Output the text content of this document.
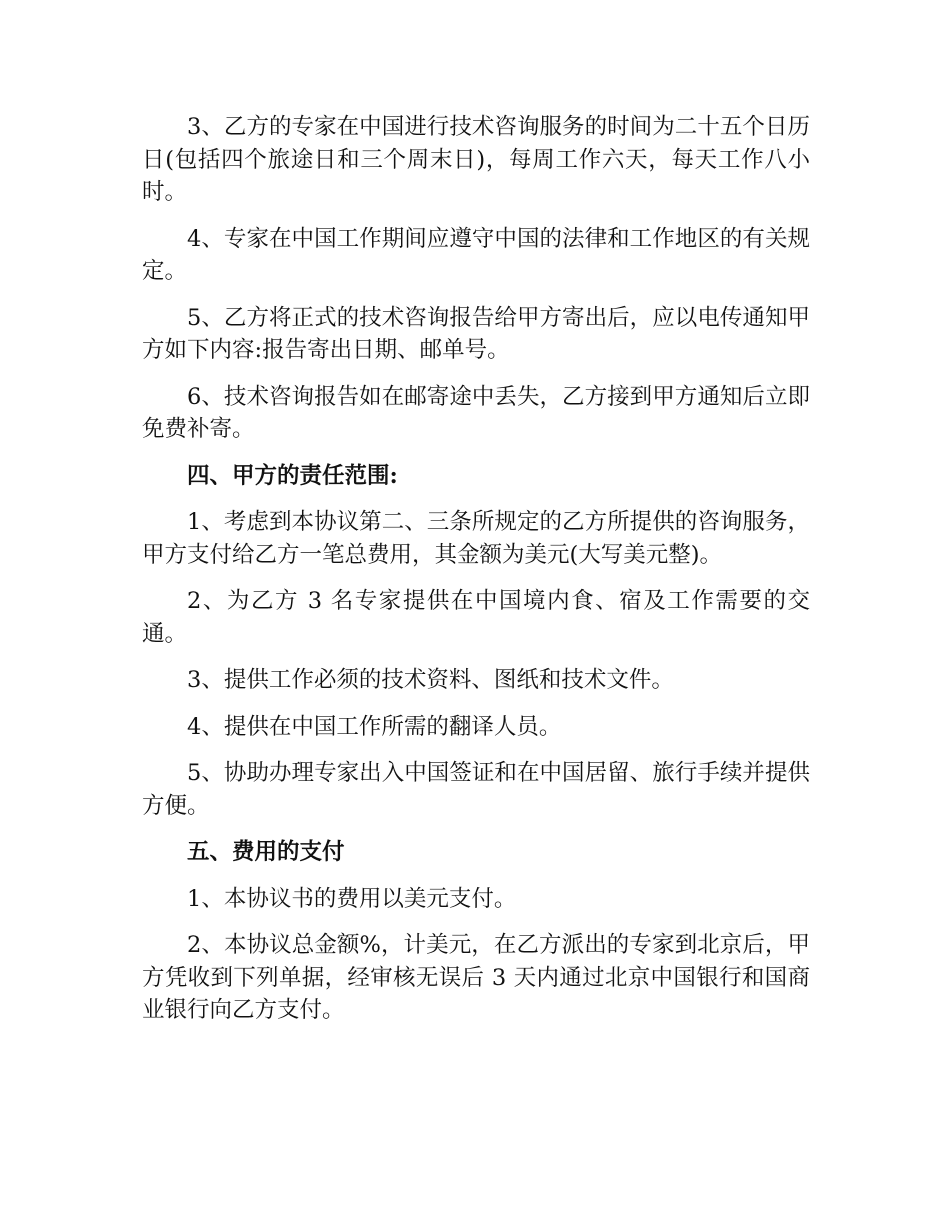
3、乙方的专家在中国进行技术咨询服务的时间为二十五个日历日(包括四个旅途日和三个周末日)，每周工作六天，每天工作八小时。

4、专家在中国工作期间应遵守中国的法律和工作地区的有关规定。

5、乙方将正式的技术咨询报告给甲方寄出后，应以电传通知甲方如下内容:报告寄出日期、邮单号。

6、技术咨询报告如在邮寄途中丢失，乙方接到甲方通知后立即免费补寄。

四、甲方的责任范围:

1、考虑到本协议第二、三条所规定的乙方所提供的咨询服务，甲方支付给乙方一笔总费用，其金额为美元(大写美元整)。

2、为乙方 3 名专家提供在中国境内食、宿及工作需要的交通。

3、提供工作必须的技术资料、图纸和技术文件。

4、提供在中国工作所需的翻译人员。

5、协助办理专家出入中国签证和在中国居留、旅行手续并提供方便。

五、费用的支付

1、本协议书的费用以美元支付。

2、本协议总金额%，计美元，在乙方派出的专家到北京后，甲方凭收到下列单据，经审核无误后 3 天内通过北京中国银行和国商业银行向乙方支付。
